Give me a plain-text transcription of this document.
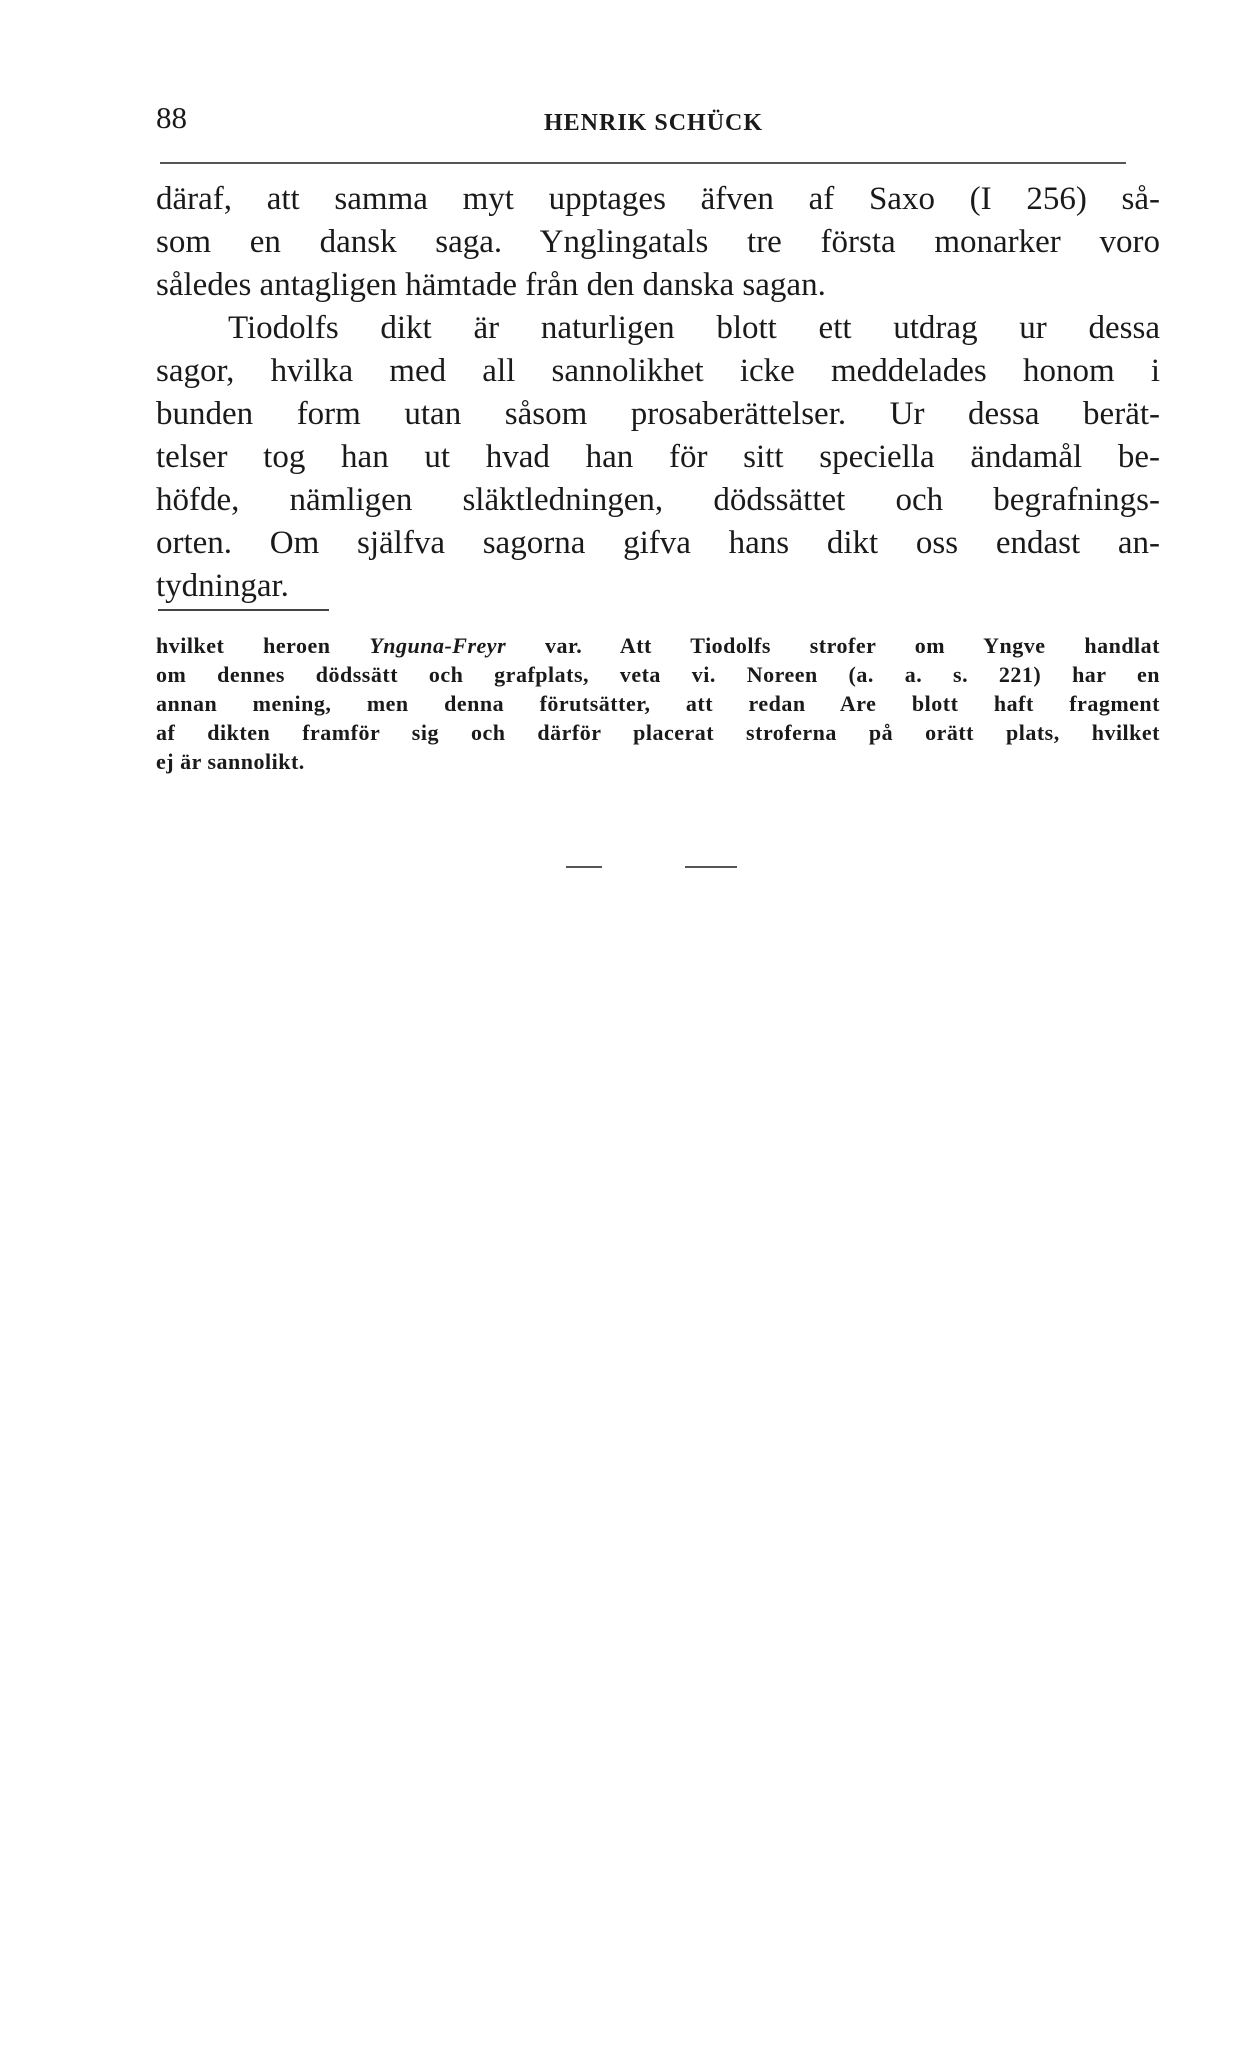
88	HENRIK SCHÜCK

däraf, att samma myt upptages äfven af Saxo (I 256) så-
som en dansk saga. Ynglingatals tre första monarker voro
således antagligen hämtade från den danska sagan.

Tiodolfs dikt är naturligen blott ett utdrag ur dessa
sagor, hvilka med all sannolikhet icke meddelades honom i
bunden form utan såsom prosaberättelser. Ur dessa berät-
telser tog han ut hvad han för sitt speciella ändamål be-
höfde, nämligen släktledningen, dödssättet och begrafnings-
orten. Om själfva sagorna gifva hans dikt oss endast an-
tydningar.

hvilket heroen Ynguna-Freyr var. Att Tiodolfs strofer om Yngve handlat
om dennes dödssätt och grafplats, veta vi. Noreen (a. a. s. 221) har en
annan mening, men denna förutsätter, att redan Are blott haft fragment
af dikten framför sig och därför placerat stroferna på orätt plats, hvilket
ej är sannolikt.
